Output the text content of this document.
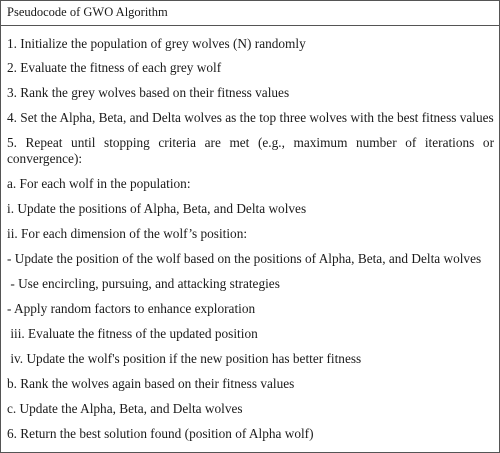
Pseudocode of GWO Algorithm

1. Initialize the population of grey wolves (N) randomly

2. Evaluate the fitness of each grey wolf

3. Rank the grey wolves based on their fitness values

4. Set the Alpha, Beta, and Delta wolves as the top three wolves with the best fitness values

5. Repeat until stopping criteria are met (e.g., maximum number of iterations or convergence):

a. For each wolf in the population:

i. Update the positions of Alpha, Beta, and Delta wolves

ii. For each dimension of the wolf’s position:

- Update the position of the wolf based on the positions of Alpha, Beta, and Delta wolves

- Use encircling, pursuing, and attacking strategies

- Apply random factors to enhance exploration

iii. Evaluate the fitness of the updated position

iv. Update the wolf's position if the new position has better fitness

b. Rank the wolves again based on their fitness values

c. Update the Alpha, Beta, and Delta wolves

6. Return the best solution found (position of Alpha wolf)
